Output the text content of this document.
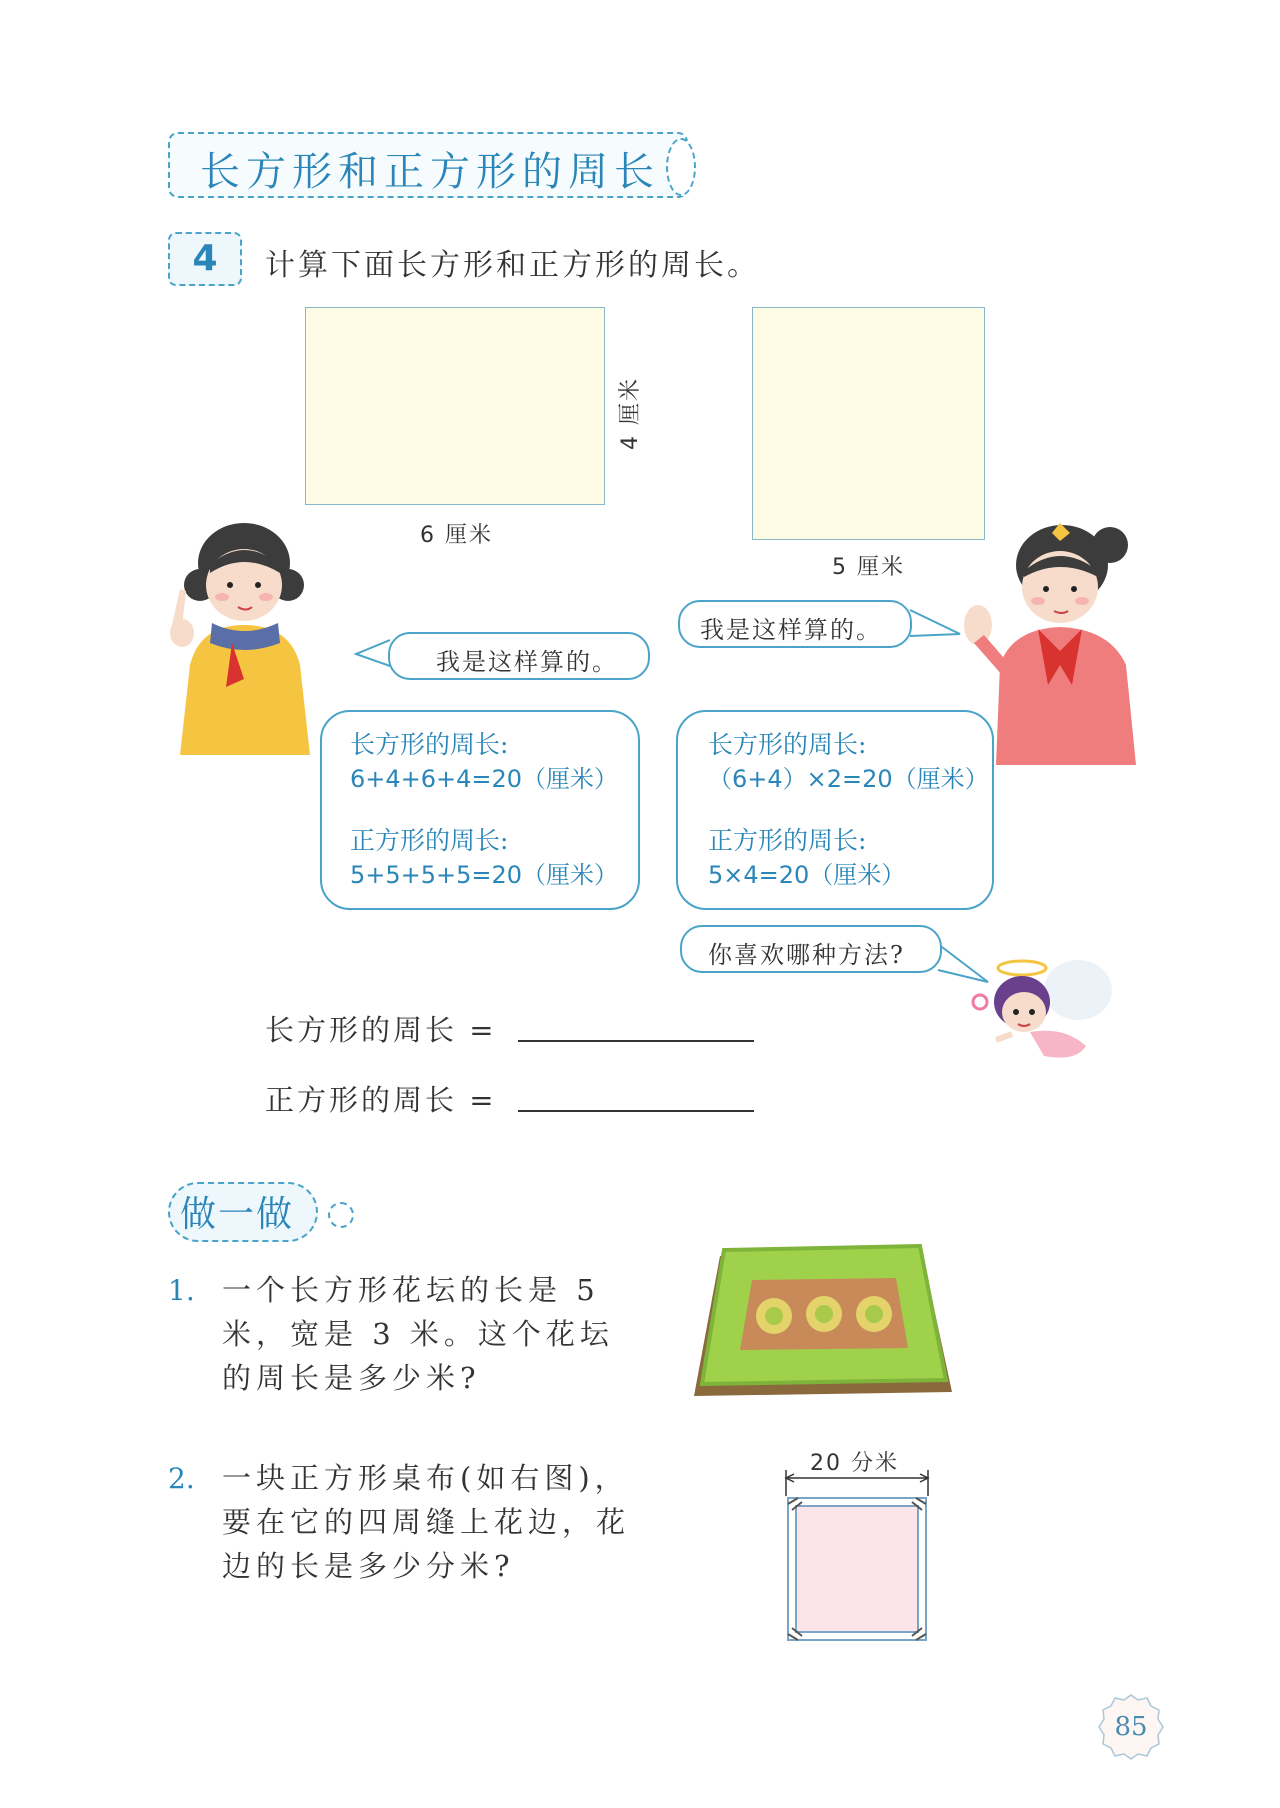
长方形和正方形的周长
4	计算下面长方形和正方形的周长。
4 厘米
6 厘米
5 厘米
我是这样算的。
我是这样算的。
长方形的周长:
6+4+6+4=20（厘米）
正方形的周长:
5+5+5+5=20（厘米）
长方形的周长:
（6+4）×2=20（厘米）
正方形的周长:
5×4=20（厘米）
你喜欢哪种方法?
长方形的周长 =
正方形的周长 =
做一做
1. 一个长方形花坛的长是 5 米，宽是 3 米。这个花坛的周长是多少米?
2. 一块正方形桌布(如右图)，要在它的四周缝上花边，花边的长是多少分米?
20 分米
85
